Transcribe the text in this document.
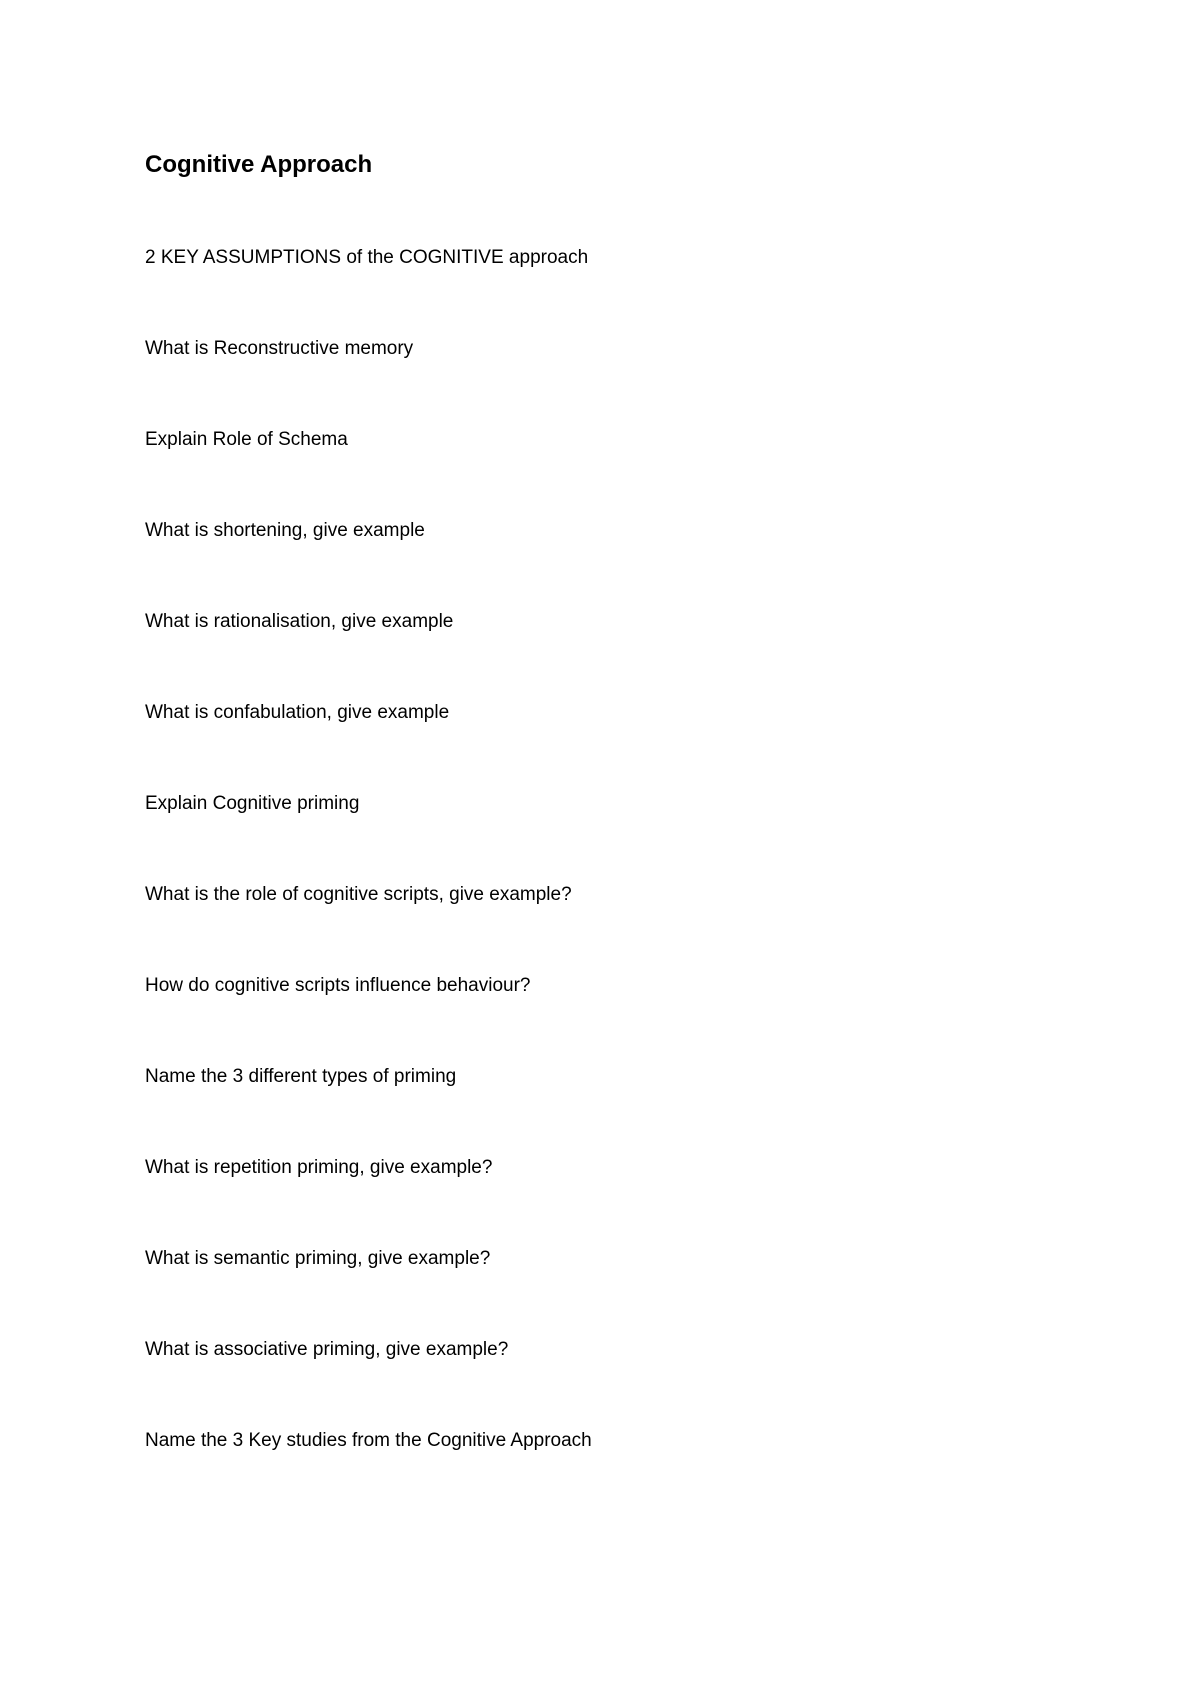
Cognitive Approach
2 KEY ASSUMPTIONS of the COGNITIVE approach
What is Reconstructive memory
Explain Role of Schema
What is shortening, give example
What is rationalisation, give example
What is confabulation, give example
Explain Cognitive priming
What is the role of cognitive scripts, give example?
How do cognitive scripts influence behaviour?
Name the 3 different types of priming
What is repetition priming, give example?
What is semantic priming, give example?
What is associative priming, give example?
Name the 3 Key studies from the Cognitive Approach
